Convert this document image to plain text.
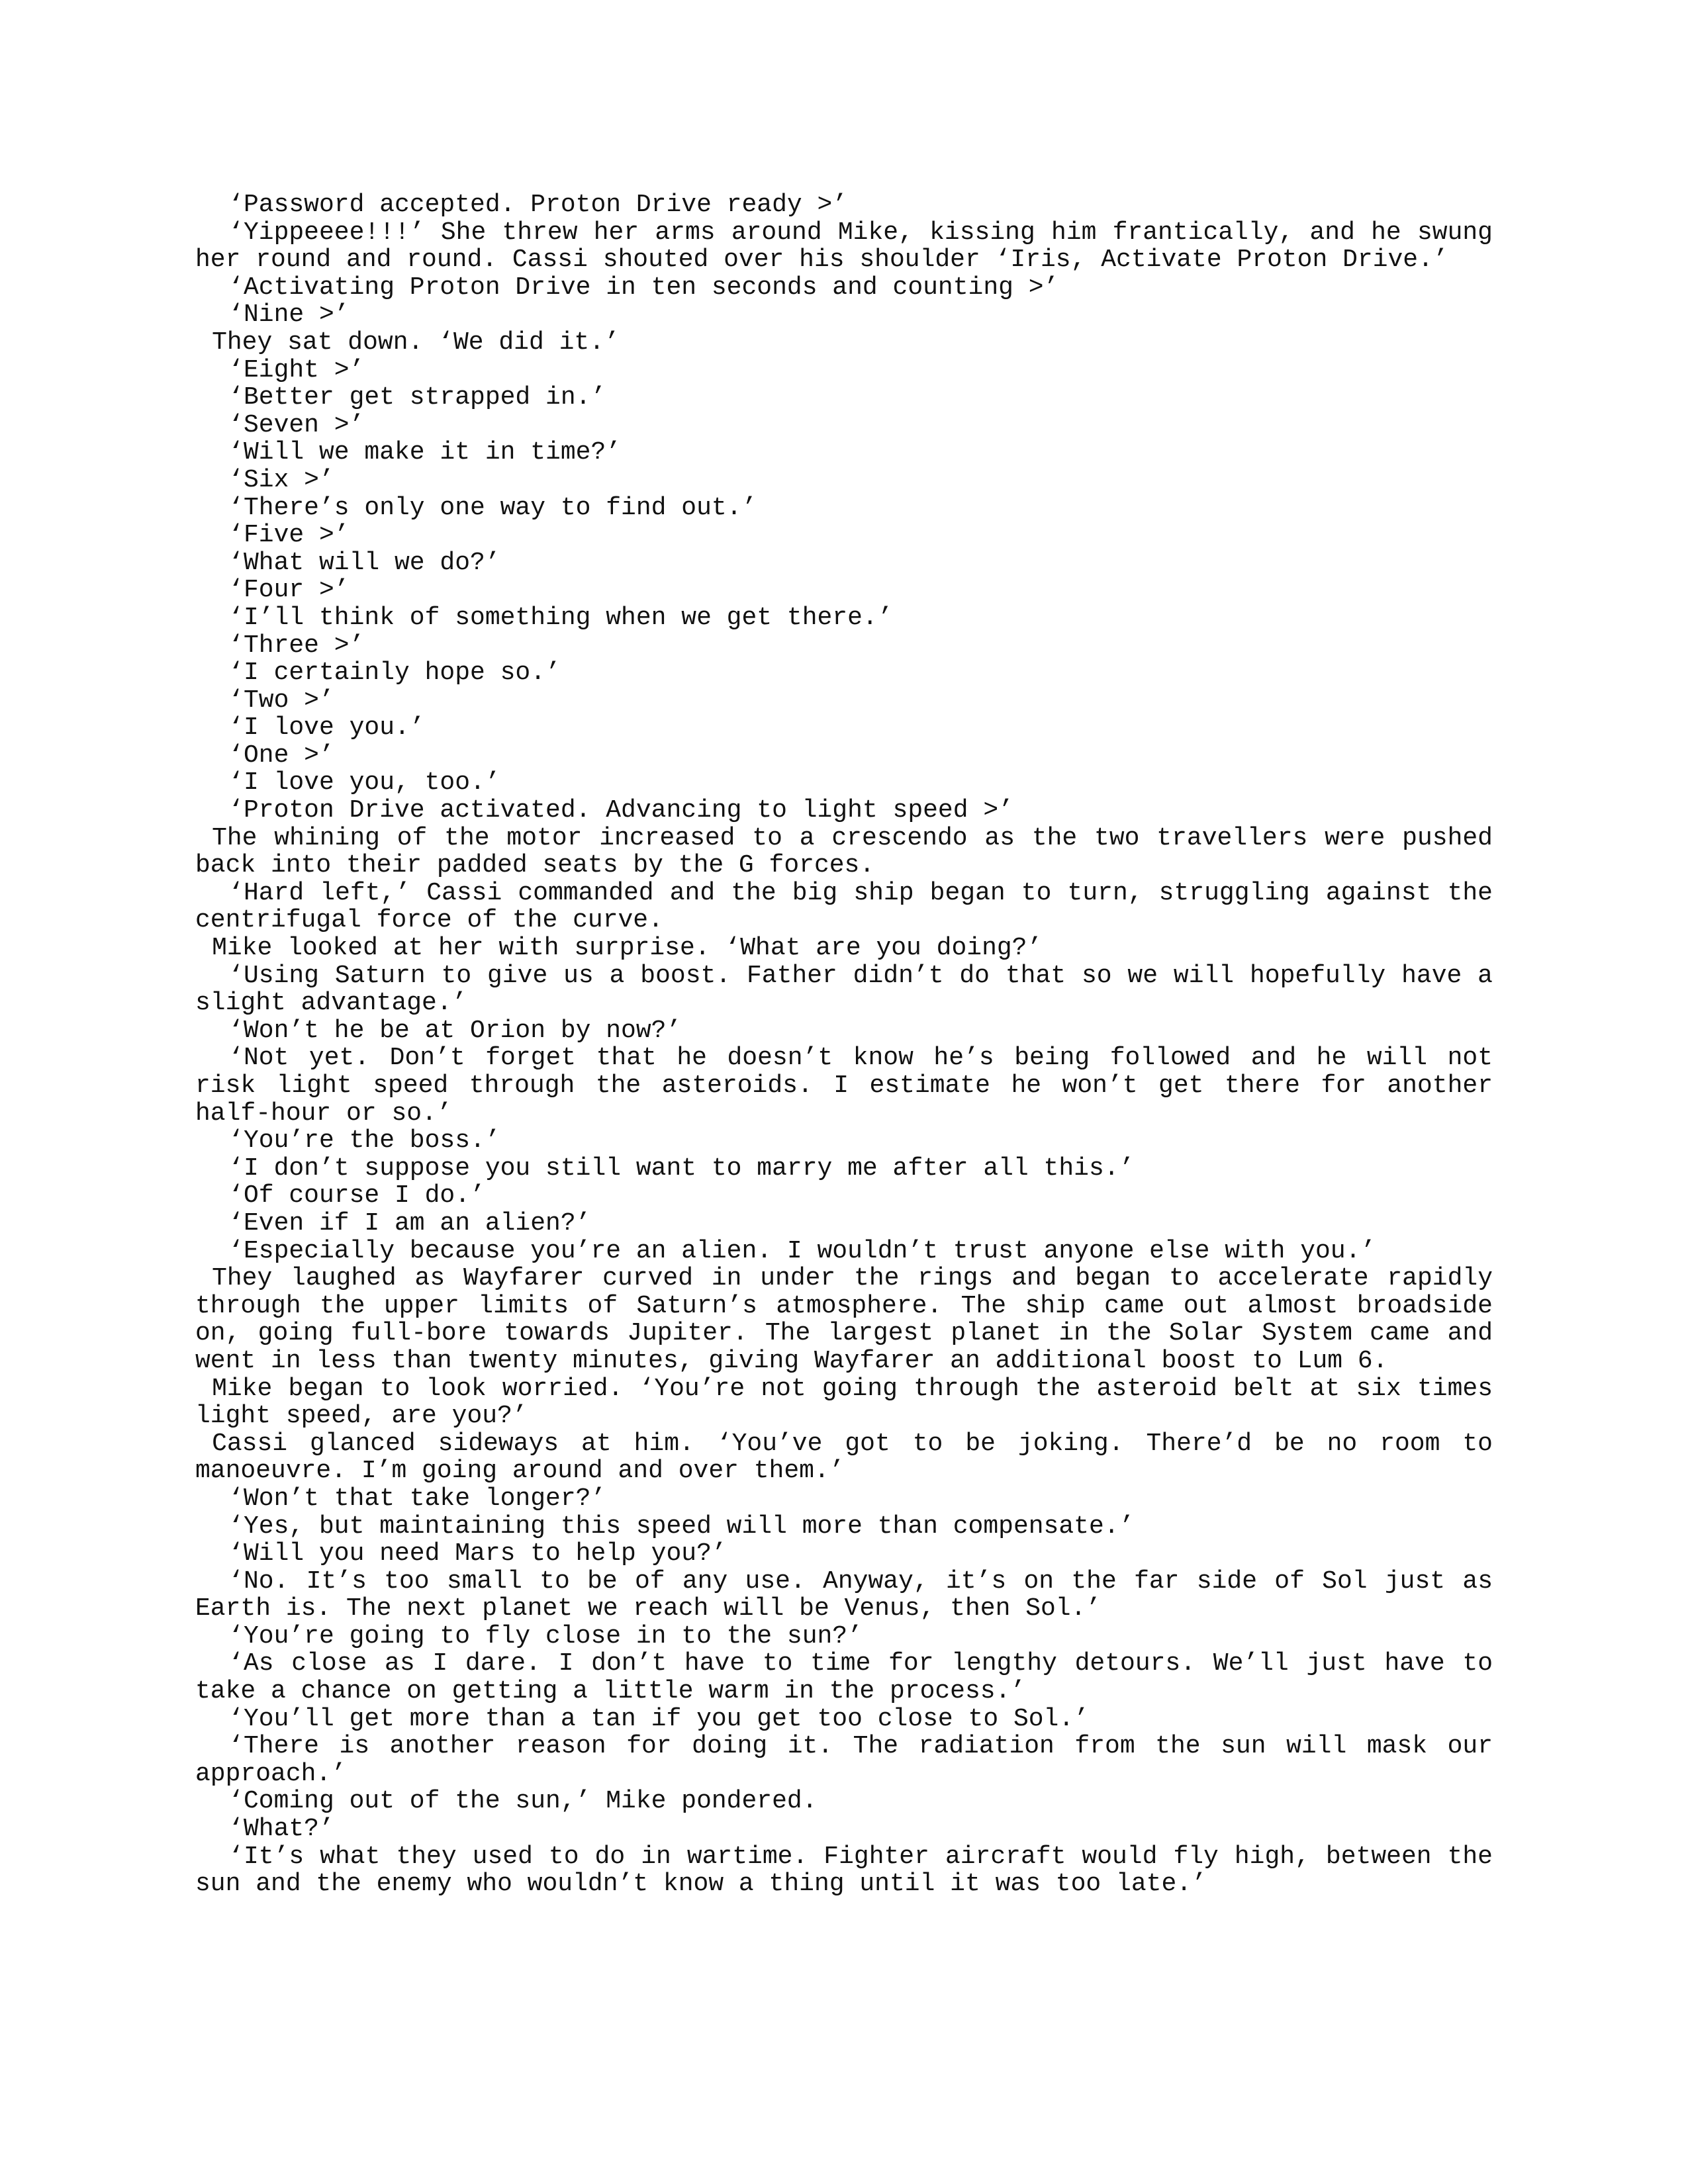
‘Password accepted. Proton Drive ready >’

‘Yippeeee!!!’ She threw her arms around Mike, kissing him frantically, and he swung her round and round. Cassi shouted over his shoulder ‘Iris, Activate Proton Drive.’

‘Activating Proton Drive in ten seconds and counting >’

‘Nine >’

They sat down. ‘We did it.’

‘Eight >’

‘Better get strapped in.’

‘Seven >’

‘Will we make it in time?’

‘Six >’

‘There’s only one way to find out.’

‘Five >’

‘What will we do?’

‘Four >’

‘I’ll think of something when we get there.’

‘Three >’

‘I certainly hope so.’

‘Two >’

‘I love you.’

‘One >’

‘I love you, too.’

‘Proton Drive activated. Advancing to light speed >’

The whining of the motor increased to a crescendo as the two travellers were pushed back into their padded seats by the G forces.

‘Hard left,’ Cassi commanded and the big ship began to turn, struggling against the centrifugal force of the curve.

Mike looked at her with surprise. ‘What are you doing?’

‘Using Saturn to give us a boost. Father didn’t do that so we will hopefully have a slight advantage.’

‘Won’t he be at Orion by now?’

‘Not yet. Don’t forget that he doesn’t know he’s being followed and he will not risk light speed through the asteroids. I estimate he won’t get there for another half-hour or so.’

‘You’re the boss.’

‘I don’t suppose you still want to marry me after all this.’

‘Of course I do.’

‘Even if I am an alien?’

‘Especially because you’re an alien. I wouldn’t trust anyone else with you.’

They laughed as Wayfarer curved in under the rings and began to accelerate rapidly through the upper limits of Saturn’s atmosphere. The ship came out almost broadside on, going full-bore towards Jupiter. The largest planet in the Solar System came and went in less than twenty minutes, giving Wayfarer an additional boost to Lum 6.

Mike began to look worried. ‘You’re not going through the asteroid belt at six times light speed, are you?’

Cassi glanced sideways at him. ‘You’ve got to be joking. There’d be no room to manoeuvre. I’m going around and over them.’

‘Won’t that take longer?’

‘Yes, but maintaining this speed will more than compensate.’

‘Will you need Mars to help you?’

‘No. It’s too small to be of any use. Anyway, it’s on the far side of Sol just as Earth is. The next planet we reach will be Venus, then Sol.’

‘You’re going to fly close in to the sun?’

‘As close as I dare. I don’t have to time for lengthy detours. We’ll just have to take a chance on getting a little warm in the process.’

‘You’ll get more than a tan if you get too close to Sol.’

‘There is another reason for doing it. The radiation from the sun will mask our approach.’

‘Coming out of the sun,’ Mike pondered.

‘What?’

‘It’s what they used to do in wartime. Fighter aircraft would fly high, between the sun and the enemy who wouldn’t know a thing until it was too late.’
